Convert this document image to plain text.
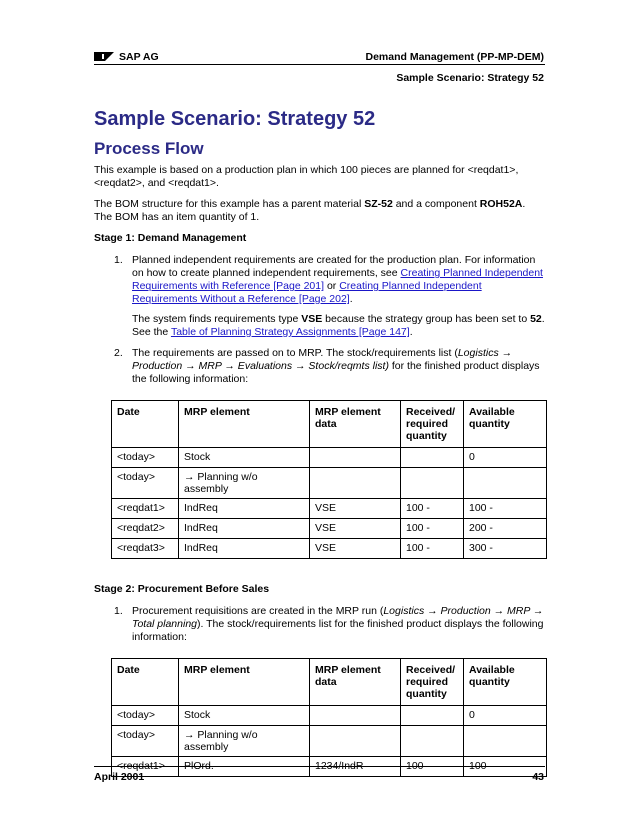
SAP AG	Demand Management (PP-MP-DEM)
Sample Scenario: Strategy 52
Sample Scenario: Strategy 52
Process Flow

This example is based on a production plan in which 100 pieces are planned for <reqdat1>, <reqdat2>, and <reqdat1>.

The BOM structure for this example has a parent material SZ-52 and a component ROH52A.
The BOM has an item quantity of 1.

Stage 1: Demand Management

1. Planned independent requirements are created for the production plan. For information on how to create planned independent requirements, see Creating Planned Independent Requirements with Reference [Page 201] or Creating Planned Independent Requirements Without a Reference [Page 202].

The system finds requirements type VSE because the strategy group has been set to 52.
See the Table of Planning Strategy Assignments [Page 147].

2. The requirements are passed on to MRP. The stock/requirements list (Logistics → Production → MRP → Evaluations → Stock/reqmts list) for the finished product displays the following information:

Date	MRP element	MRP element data	Received/ required quantity	Available quantity
<today>	Stock			0
<today>	→ Planning w/o assembly			
<reqdat1>	IndReq	VSE	100 -	100 -
<reqdat2>	IndReq	VSE	100 -	200 -
<reqdat3>	IndReq	VSE	100 -	300 -

Stage 2: Procurement Before Sales

1. Procurement requisitions are created in the MRP run (Logistics → Production → MRP → Total planning). The stock/requirements list for the finished product displays the following information:

Date	MRP element	MRP element data	Received/ required quantity	Available quantity
<today>	Stock			0
<today>	→ Planning w/o assembly			
<reqdat1>	PlOrd.	1234/IndR	100	100
April 2001	43
